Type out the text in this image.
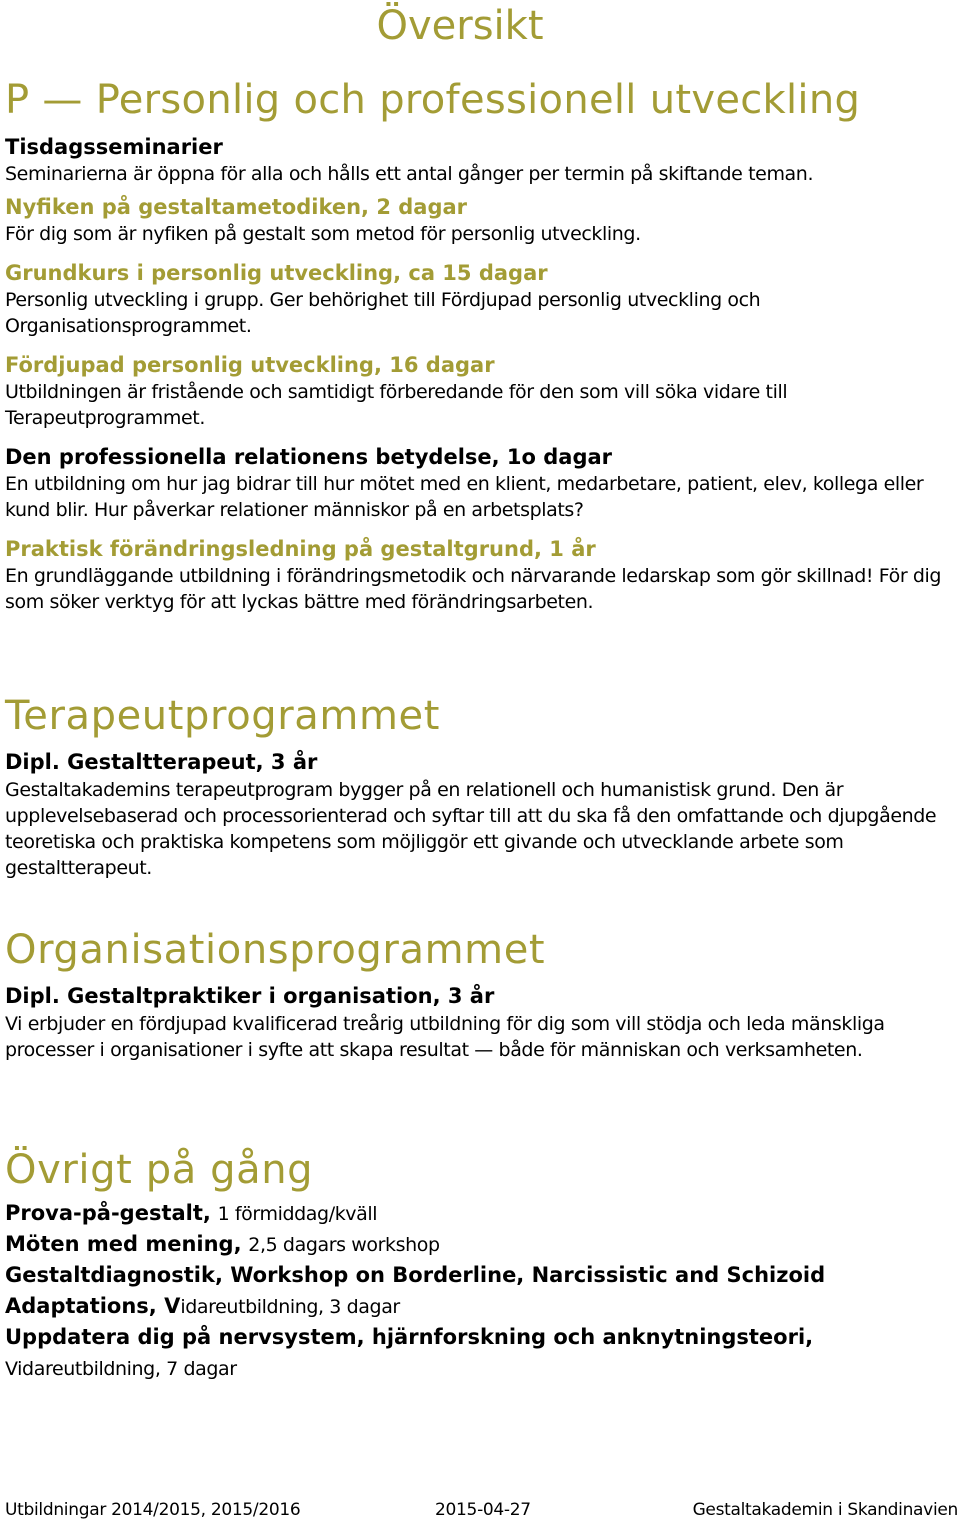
Översikt
P — Personlig och professionell utveckling
Tisdagsseminarier
Seminarierna är öppna för alla och hålls ett antal gånger per termin på skiftande teman.
Nyfiken på gestaltametodiken, 2 dagar
För dig som är nyfiken på gestalt som metod för personlig utveckling.
Grundkurs i personlig utveckling, ca 15 dagar
Personlig utveckling i grupp. Ger behörighet till Fördjupad personlig utveckling och Organisationsprogrammet.
Fördjupad personlig utveckling, 16 dagar
Utbildningen är fristående och samtidigt förberedande för den som vill söka vidare till Terapeutprogrammet.
Den professionella relationens betydelse, 1o dagar
En utbildning om hur jag bidrar till hur mötet med en klient, medarbetare, patient, elev, kollega eller kund blir. Hur påverkar relationer människor på en arbetsplats?
Praktisk förändringsledning på gestaltgrund, 1 år
En grundläggande utbildning i förändringsmetodik och närvarande ledarskap som gör skillnad! För dig som söker verktyg för att lyckas bättre med förändringsarbeten.
Terapeutprogrammet
Dipl. Gestaltterapeut, 3 år
Gestaltakademins terapeutprogram bygger på en relationell och humanistisk grund. Den är upplevelsebaserad och processorienterad och syftar till att du ska få den omfattande och djupgående teoretiska och praktiska kompetens som möjliggör ett givande och utvecklande arbete som gestaltterapeut.
Organisationsprogrammet
Dipl. Gestaltpraktiker i organisation, 3 år
Vi erbjuder en fördjupad kvalificerad treårig utbildning för dig som vill stödja och leda mänskliga processer i organisationer i syfte att skapa resultat — både för människan och verksamheten.
Övrigt på gång
Prova-på-gestalt, 1 förmiddag/kväll
Möten med mening, 2,5 dagars workshop
Gestaltdiagnostik, Workshop on Borderline, Narcissistic and Schizoid
Adaptations, Vidareutbildning, 3 dagar
Uppdatera dig på nervsystem, hjärnforskning och anknytningsteori,
Vidareutbildning, 7 dagar
Utbildningar 2014/2015, 2015/2016	2015-04-27	Gestaltakademin i Skandinavien
